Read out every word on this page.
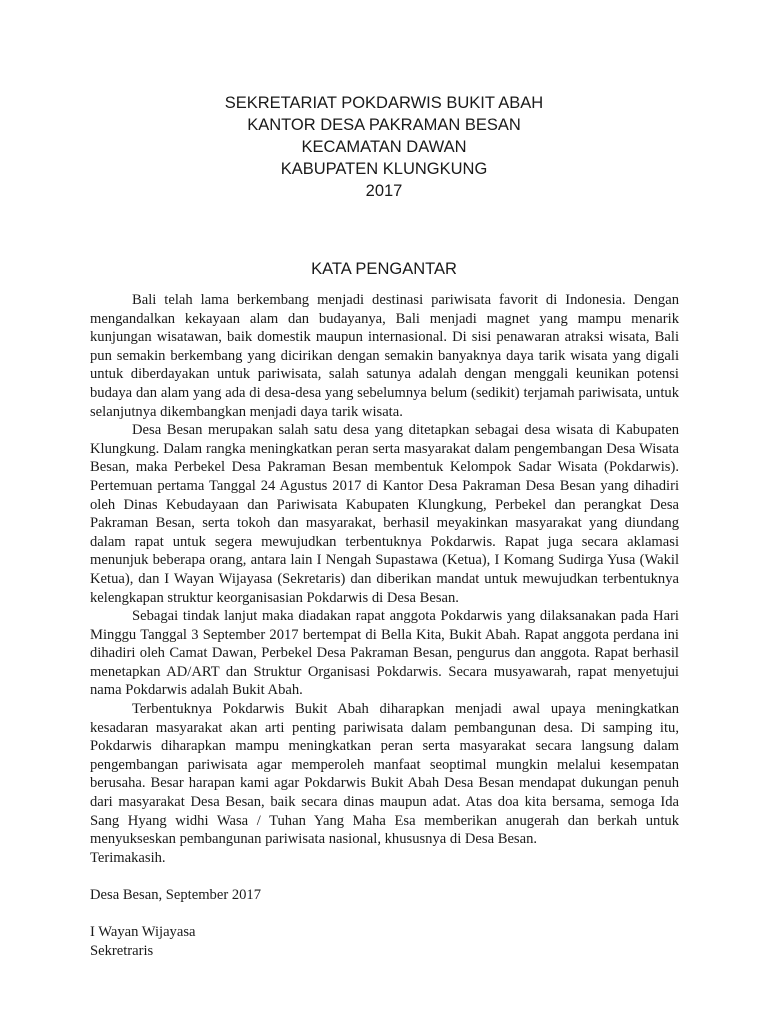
SEKRETARIAT POKDARWIS BUKIT ABAH
KANTOR DESA PAKRAMAN BESAN
KECAMATAN DAWAN
KABUPATEN KLUNGKUNG
2017
KATA PENGANTAR

Bali telah lama berkembang menjadi destinasi pariwisata favorit di Indonesia. Dengan mengandalkan kekayaan alam dan budayanya, Bali menjadi magnet yang mampu menarik kunjungan wisatawan, baik domestik maupun internasional. Di sisi penawaran atraksi wisata, Bali pun semakin berkembang yang dicirikan dengan semakin banyaknya daya tarik wisata yang digali untuk diberdayakan untuk pariwisata, salah satunya adalah dengan menggali keunikan potensi budaya dan alam yang ada di desa-desa yang sebelumnya belum (sedikit) terjamah pariwisata, untuk selanjutnya dikembangkan menjadi daya tarik wisata.

Desa Besan merupakan salah satu desa yang ditetapkan sebagai desa wisata di Kabupaten Klungkung. Dalam rangka meningkatkan peran serta masyarakat dalam pengembangan Desa Wisata Besan, maka Perbekel Desa Pakraman Besan membentuk Kelompok Sadar Wisata (Pokdarwis). Pertemuan pertama Tanggal 24 Agustus 2017 di Kantor Desa Pakraman Desa Besan yang dihadiri oleh Dinas Kebudayaan dan Pariwisata Kabupaten Klungkung, Perbekel dan perangkat Desa Pakraman Besan, serta tokoh dan masyarakat, berhasil meyakinkan masyarakat yang diundang dalam rapat untuk segera mewujudkan terbentuknya Pokdarwis. Rapat juga secara aklamasi menunjuk beberapa orang, antara lain I Nengah Supastawa (Ketua), I Komang Sudirga Yusa (Wakil Ketua), dan I Wayan Wijayasa (Sekretaris) dan diberikan mandat untuk mewujudkan terbentuknya kelengkapan struktur keorganisasian Pokdarwis di Desa Besan.

Sebagai tindak lanjut maka diadakan rapat anggota Pokdarwis yang dilaksanakan pada Hari Minggu Tanggal 3 September 2017 bertempat di Bella Kita, Bukit Abah. Rapat anggota perdana ini dihadiri oleh Camat Dawan, Perbekel Desa Pakraman Besan, pengurus dan anggota. Rapat berhasil menetapkan AD/ART dan Struktur Organisasi Pokdarwis. Secara musyawarah, rapat menyetujui nama Pokdarwis adalah Bukit Abah.

Terbentuknya Pokdarwis Bukit Abah diharapkan menjadi awal upaya meningkatkan kesadaran masyarakat akan arti penting pariwisata dalam pembangunan desa. Di samping itu, Pokdarwis diharapkan mampu meningkatkan peran serta masyarakat secara langsung dalam pengembangan pariwisata agar memperoleh manfaat seoptimal mungkin melalui kesempatan berusaha. Besar harapan kami agar Pokdarwis Bukit Abah Desa Besan mendapat dukungan penuh dari masyarakat Desa Besan, baik secara dinas maupun adat. Atas doa kita bersama, semoga Ida Sang Hyang widhi Wasa / Tuhan Yang Maha Esa memberikan anugerah dan berkah untuk menyukseskan pembangunan pariwisata nasional, khususnya di Desa Besan.

Terimakasih.

Desa Besan, September 2017

I Wayan Wijayasa

Sekretraris
